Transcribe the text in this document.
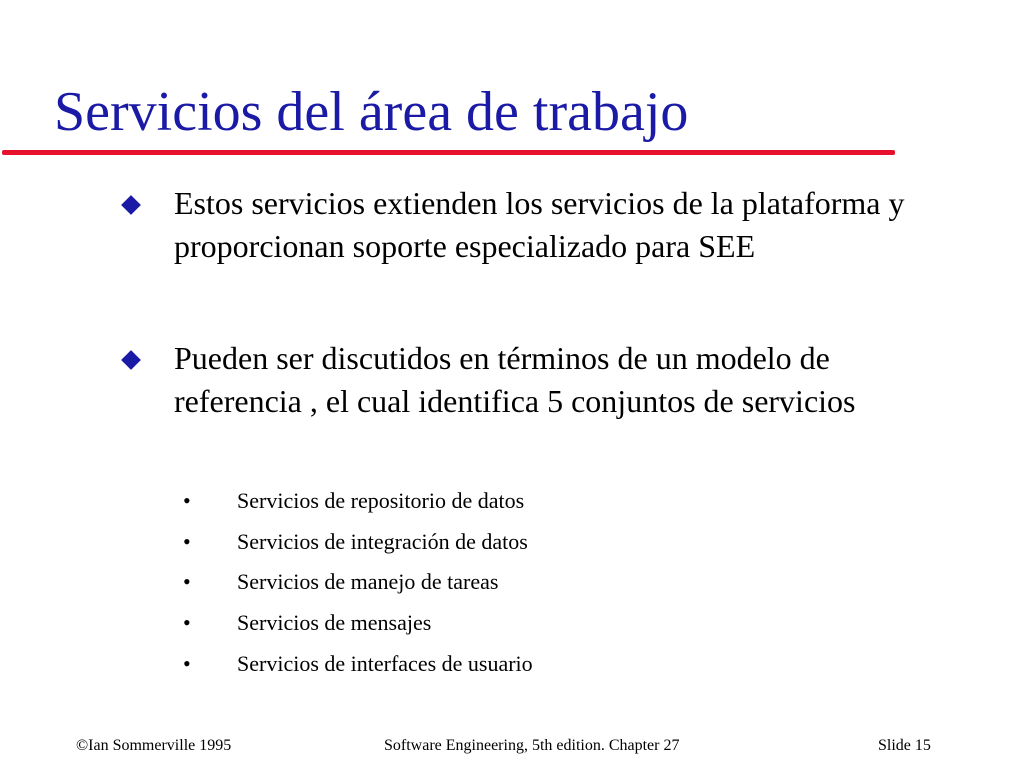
Servicios del área de trabajo
Estos servicios extienden los servicios de la plataforma y proporcionan soporte especializado para SEE
Pueden ser discutidos en términos de un modelo de referencia , el cual identifica 5 conjuntos de servicios
• Servicios de repositorio de datos
• Servicios de integración de datos
• Servicios de manejo de tareas
• Servicios de mensajes
• Servicios de interfaces de usuario
©Ian Sommerville 1995	Software Engineering, 5th edition. Chapter 27	Slide 15
